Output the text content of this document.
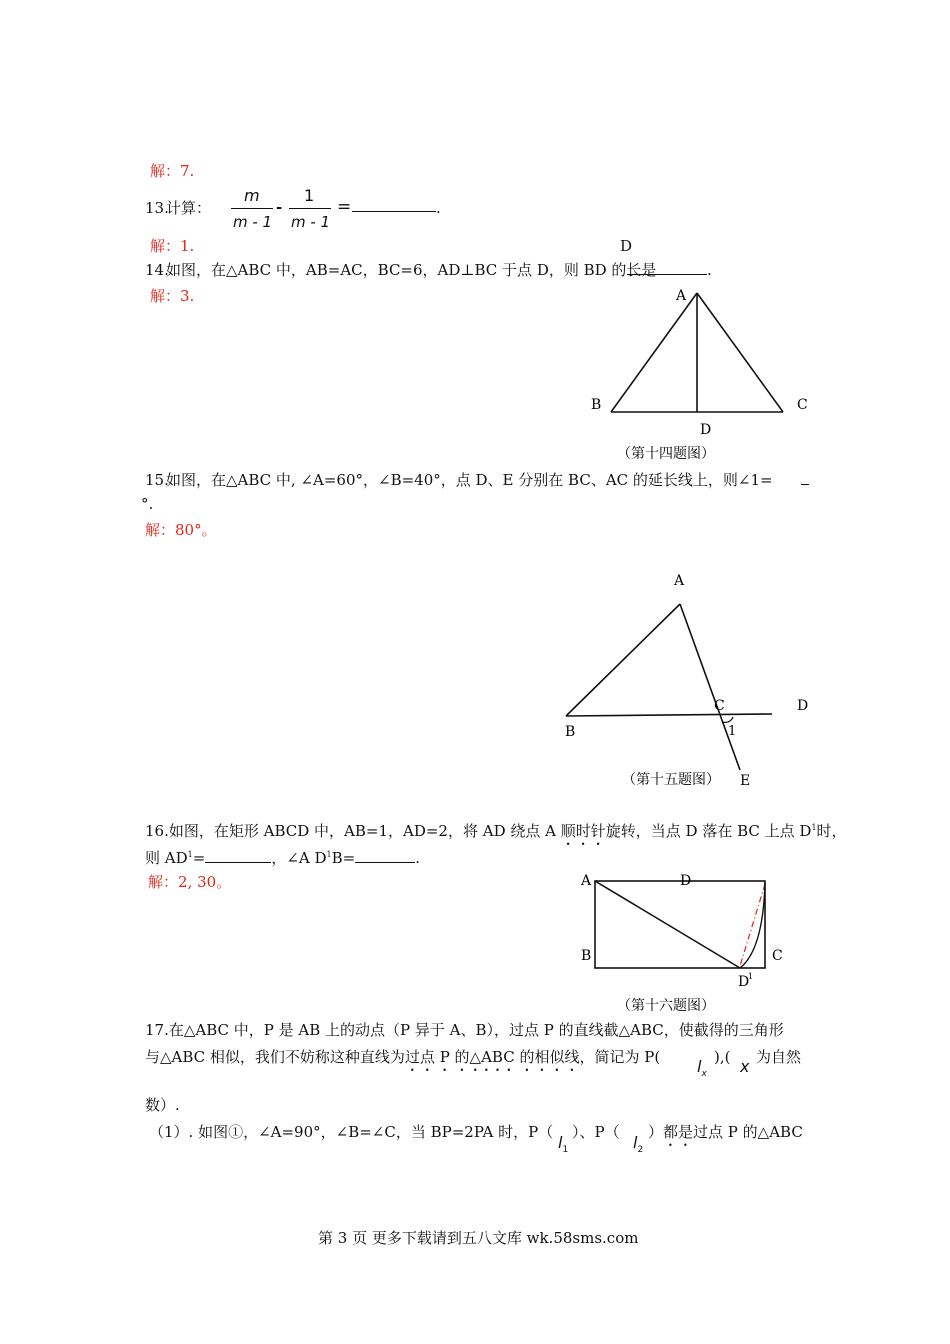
解：7.
13.
计算：
m
m - 1
-
1
m - 1
=	.
解：1.	D
14.
如图，在△ABC 中，AB=AC，BC=6，AD⊥BC 于点 D，则 BD 的长是	.
解：3.	A
B	C
D
（第十四题图）
A
B
C	D
E
1
（第十五题图）
A	D
B	C
D
1
（第十六题图）
15.
如图，在△ABC 中, ∠A=60°，∠B=40°，点 D、E 分别在 BC、AC 的延长线上，则∠1=
°.
解：80°。
16.如图，在矩形 ABCD 中，AB=1，AD=2，将 AD 绕点 A 顺时针旋转，当点 D 落在 BC 上点 $D^1$时，
则 $AD^1=$	，∠A $D^1B=$	.
解：2, 30。
17.在△ABC 中，P 是 AB 上的动点（P 异于 A、B），过点 P 的直线截△ABC，使截得的三角形
与△ABC 相似，我们不妨称这种直线为过点 P 的△ABC 的相似线，简记为 P( $l_x$
),( x 为自然
数）.
（1）. 如图①，∠A=90°，∠B=∠C，当 BP=2PA 时，P（
$l_1$
）、P（
$l_2$
）都是过点 P 的△ABC
第 3 页 更多下载请到五八文库 wk.58sms.com
